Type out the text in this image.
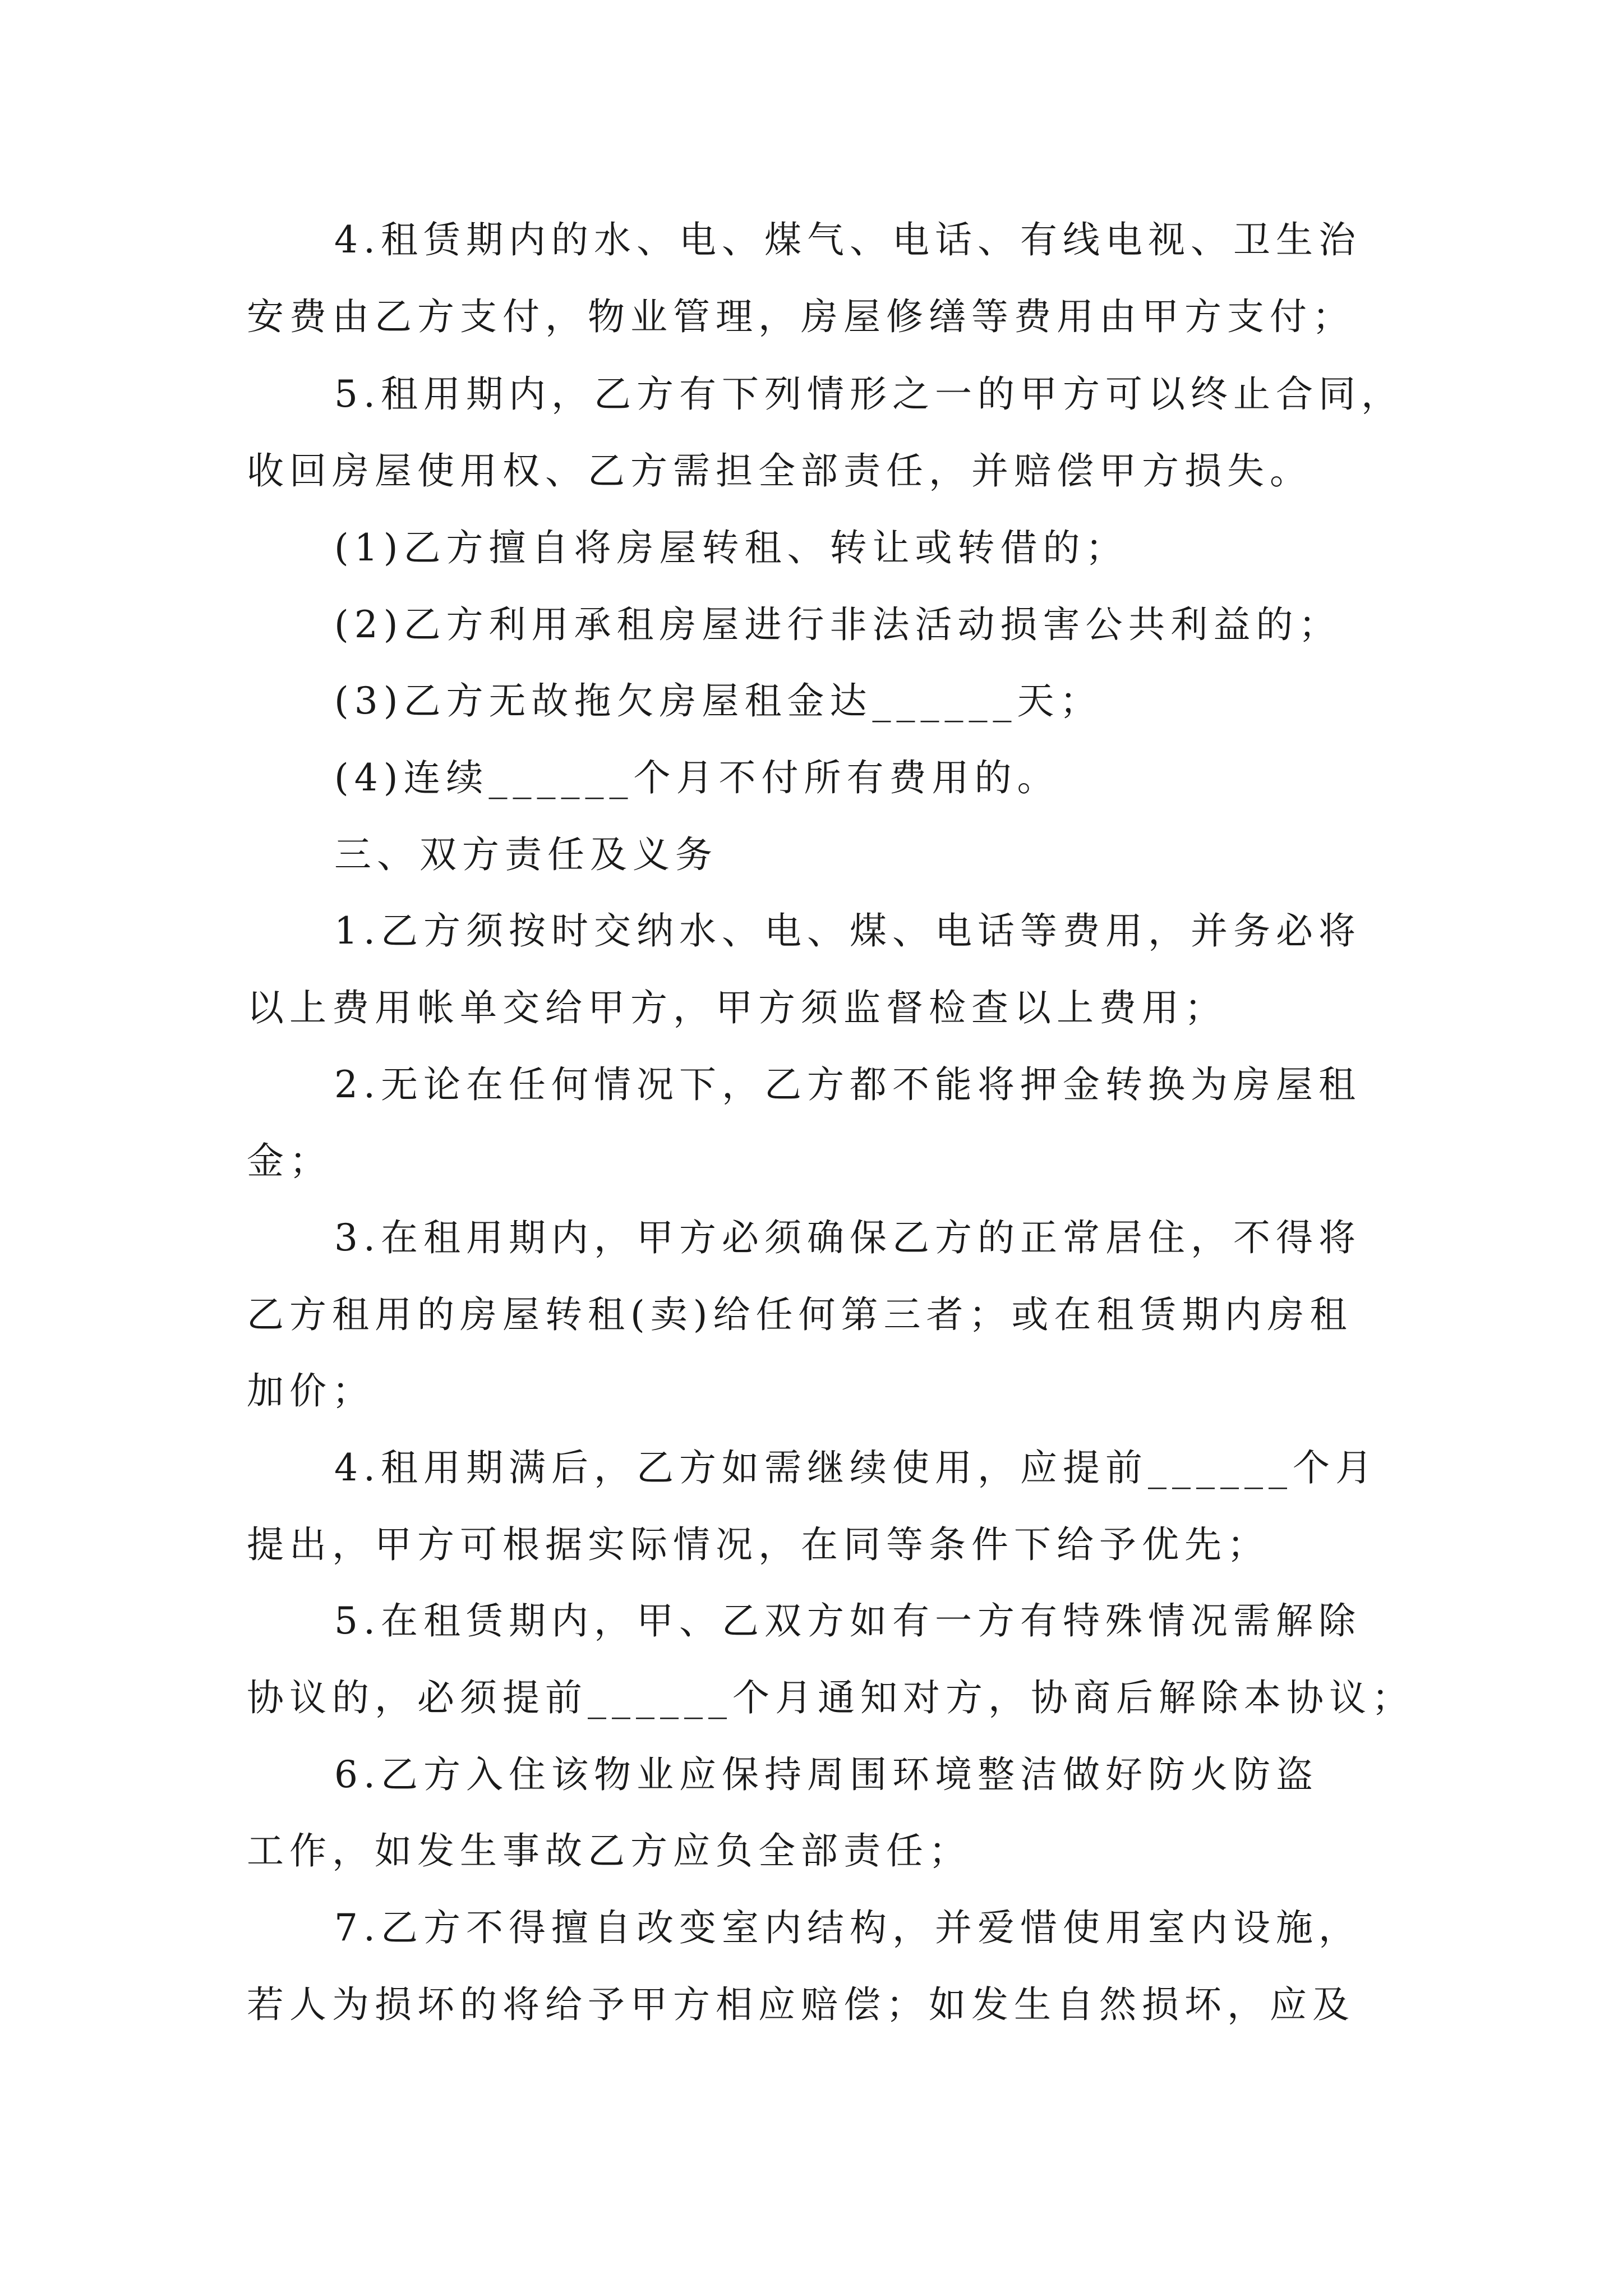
4.租赁期内的水、电、煤气、电话、有线电视、卫生治
安费由乙方支付，物业管理，房屋修缮等费用由甲方支付；
5.租用期内，乙方有下列情形之一的甲方可以终止合同，
收回房屋使用权、乙方需担全部责任，并赔偿甲方损失。
(1)乙方擅自将房屋转租、转让或转借的；
(2)乙方利用承租房屋进行非法活动损害公共利益的；
(3)乙方无故拖欠房屋租金达______天；
(4)连续______个月不付所有费用的。
三、双方责任及义务
1.乙方须按时交纳水、电、煤、电话等费用，并务必将
以上费用帐单交给甲方，甲方须监督检查以上费用；
2.无论在任何情况下，乙方都不能将押金转换为房屋租
金；
3.在租用期内，甲方必须确保乙方的正常居住，不得将
乙方租用的房屋转租(卖)给任何第三者；或在租赁期内房租
加价；
4.租用期满后，乙方如需继续使用，应提前______个月
提出，甲方可根据实际情况，在同等条件下给予优先；
5.在租赁期内，甲、乙双方如有一方有特殊情况需解除
协议的，必须提前______个月通知对方，协商后解除本协议；
6.乙方入住该物业应保持周围环境整洁做好防火防盗
工作，如发生事故乙方应负全部责任；
7.乙方不得擅自改变室内结构，并爱惜使用室内设施，
若人为损坏的将给予甲方相应赔偿；如发生自然损坏，应及
